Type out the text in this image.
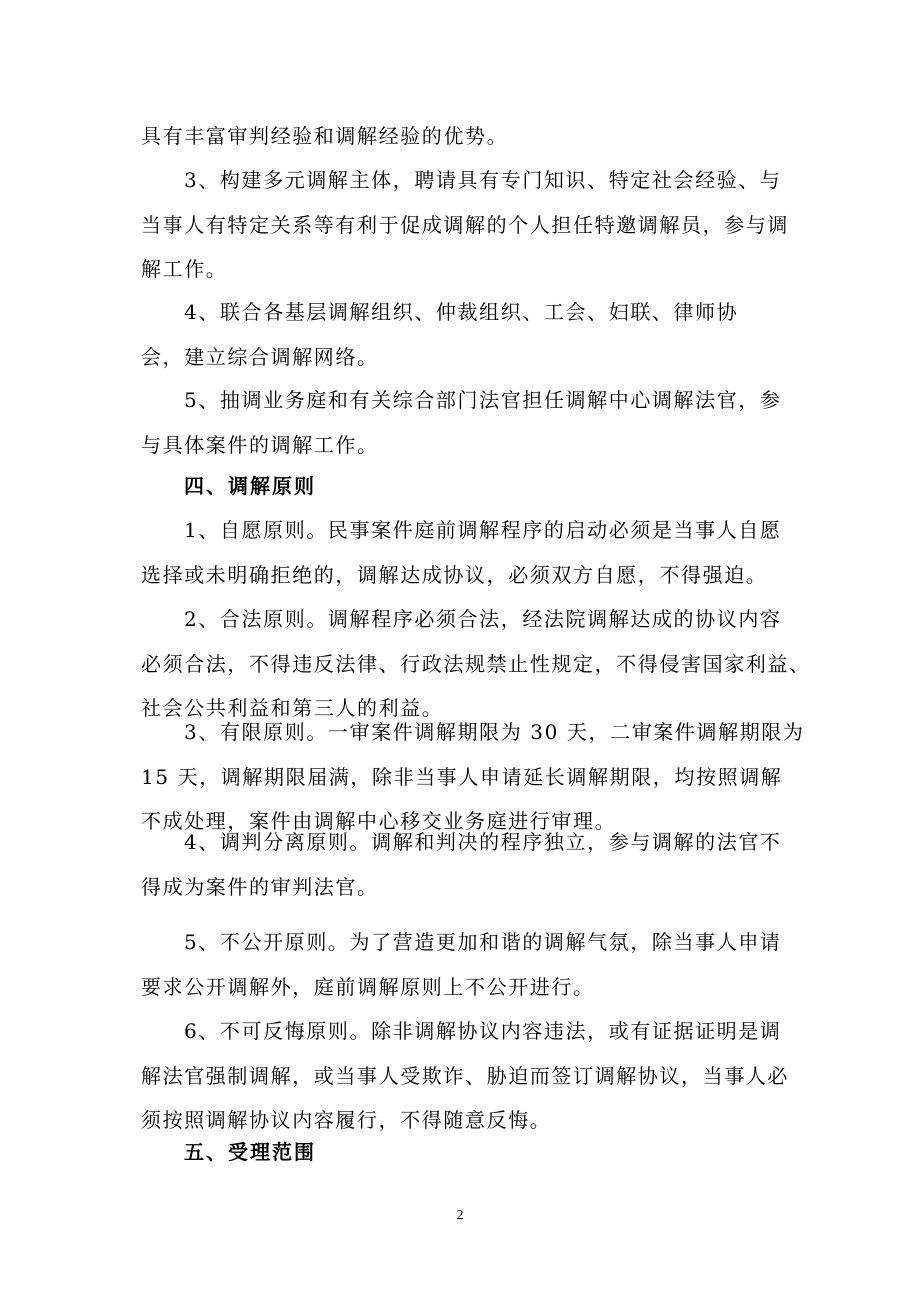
具有丰富审判经验和调解经验的优势。
3、构建多元调解主体，聘请具有专门知识、特定社会经验、与
当事人有特定关系等有利于促成调解的个人担任特邀调解员，参与调
解工作。
4、联合各基层调解组织、仲裁组织、工会、妇联、律师协
会，建立综合调解网络。
5、抽调业务庭和有关综合部门法官担任调解中心调解法官，参
与具体案件的调解工作。
四、调解原则
1、自愿原则。民事案件庭前调解程序的启动必须是当事人自愿
选择或未明确拒绝的，调解达成协议，必须双方自愿，不得强迫。
2、合法原则。调解程序必须合法，经法院调解达成的协议内容
必须合法，不得违反法律、行政法规禁止性规定，不得侵害国家利益、
社会公共利益和第三人的利益。
3、有限原则。一审案件调解期限为 30 天，二审案件调解期限为
15 天，调解期限届满，除非当事人申请延长调解期限，均按照调解
不成处理，案件由调解中心移交业务庭进行审理。
4、调判分离原则。调解和判决的程序独立，参与调解的法官不
得成为案件的审判法官。
5、不公开原则。为了营造更加和谐的调解气氛，除当事人申请
要求公开调解外，庭前调解原则上不公开进行。
6、不可反悔原则。除非调解协议内容违法，或有证据证明是调
解法官强制调解，或当事人受欺诈、胁迫而签订调解协议，当事人必
须按照调解协议内容履行，不得随意反悔。
五、受理范围
2
